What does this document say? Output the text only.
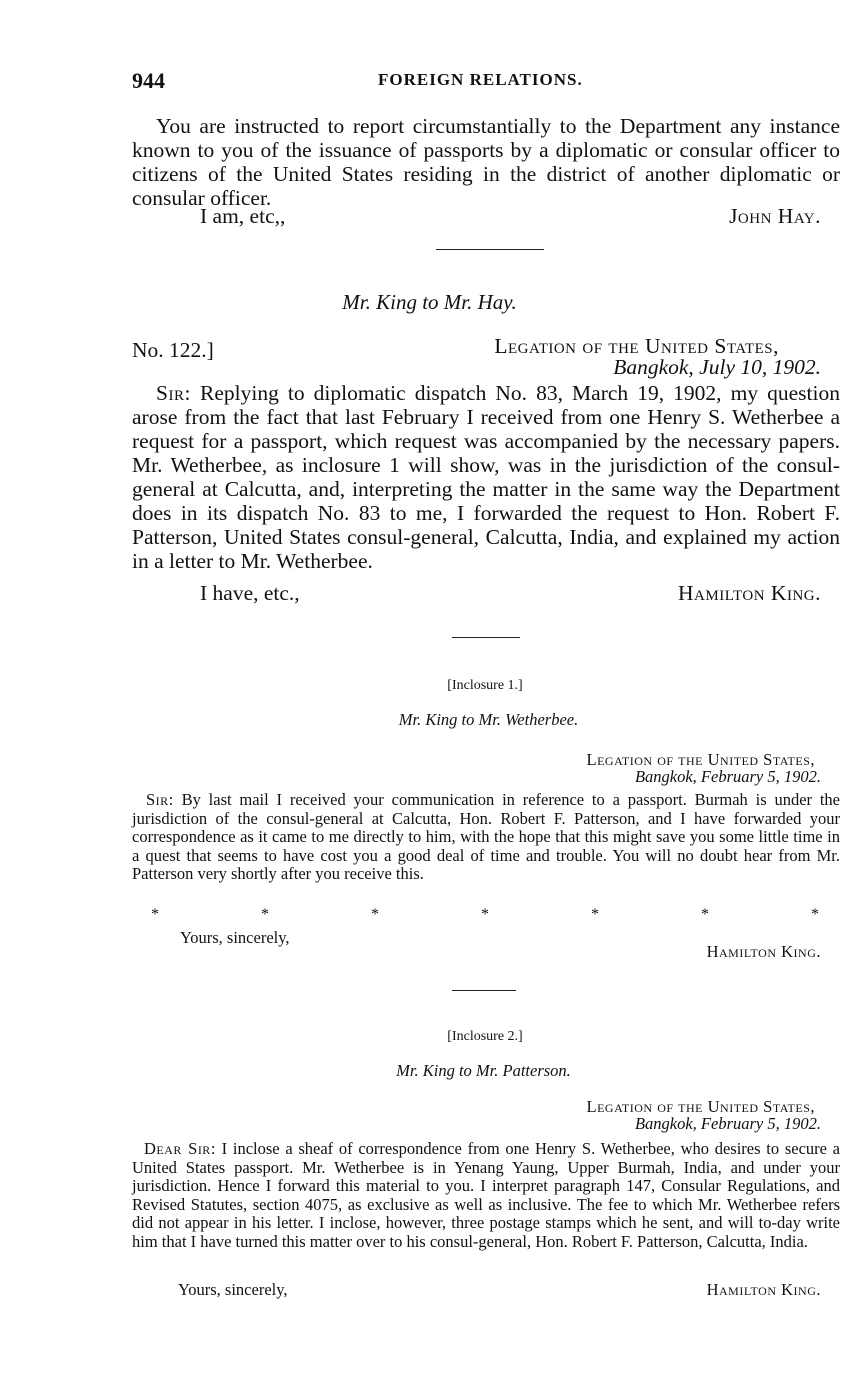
944	FOREIGN RELATIONS.

You are instructed to report circumstantially to the Department any instance known to you of the issuance of passports by a diplomatic or consular officer to citizens of the United States residing in the district of another diplomatic or consular officer.

I am, etc,,	John Hay.
Mr. King to Mr. Hay.
No. 122.]	Legation of the United States,
Bangkok, July 10, 1902.

Sir: Replying to diplomatic dispatch No. 83, March 19, 1902, my question arose from the fact that last February I received from one Henry S. Wetherbee a request for a passport, which request was accompanied by the necessary papers. Mr. Wetherbee, as inclosure 1 will show, was in the jurisdiction of the consul-general at Calcutta, and, interpreting the matter in the same way the Department does in its dispatch No. 83 to me, I forwarded the request to Hon. Robert F. Patterson, United States consul-general, Calcutta, India, and explained my action in a letter to Mr. Wetherbee.

I have, etc.,	Hamilton King.
[Inclosure 1.]
Mr. King to Mr. Wetherbee.
Legation of the United States,
Bangkok, February 5, 1902.

Sir: By last mail I received your communication in reference to a passport. Burmah is under the jurisdiction of the consul-general at Calcutta, Hon. Robert F. Patterson, and I have forwarded your correspondence as it came to me directly to him, with the hope that this might save you some little time in a quest that seems to have cost you a good deal of time and trouble. You will no doubt hear from Mr. Patterson very shortly after you receive this.

*	*	*	*	*	*	*
Yours, sincerely,
Hamilton King.
[Inclosure 2.]
Mr. King to Mr. Patterson.
Legation of the United States,
Bangkok, February 5, 1902.

Dear Sir: I inclose a sheaf of correspondence from one Henry S. Wetherbee, who desires to secure a United States passport. Mr. Wetherbee is in Yenang Yaung, Upper Burmah, India, and under your jurisdiction. Hence I forward this material to you. I interpret paragraph 147, Consular Regulations, and Revised Statutes, section 4075, as exclusive as well as inclusive. The fee to which Mr. Wetherbee refers did not appear in his letter. I inclose, however, three postage stamps which he sent, and will to-day write him that I have turned this matter over to his consul-general, Hon. Robert F. Patterson, Calcutta, India.

Yours, sincerely,	Hamilton King.
